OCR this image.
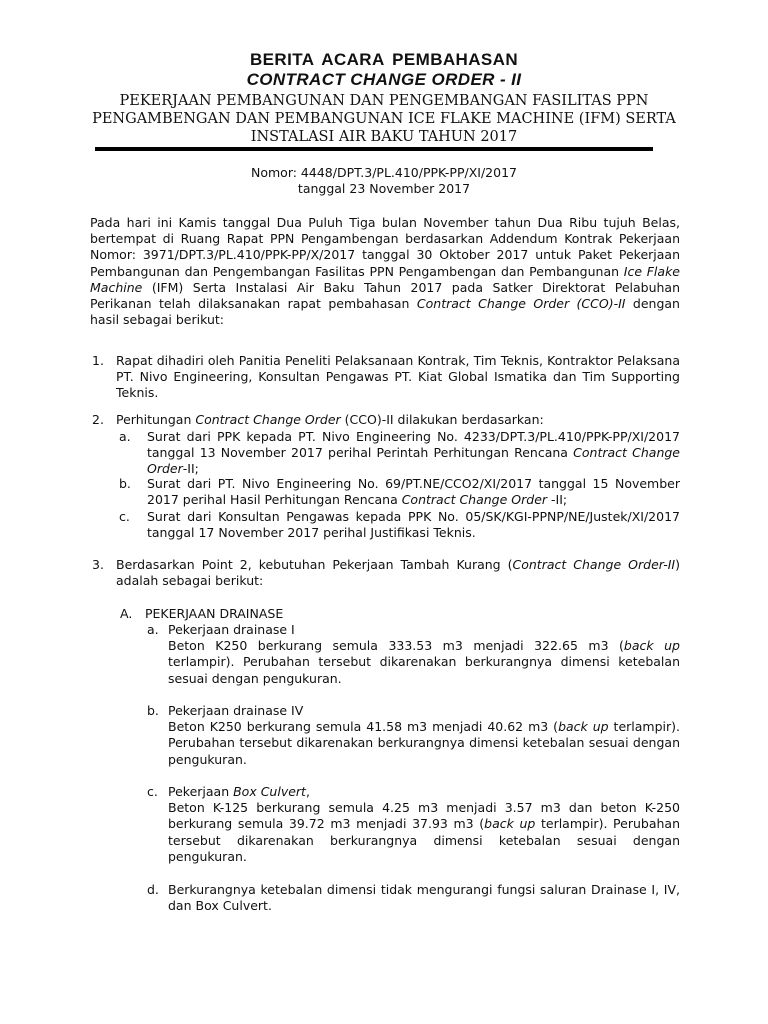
BERITA ACARA PEMBAHASAN
CONTRACT CHANGE ORDER - II
PEKERJAAN PEMBANGUNAN DAN PENGEMBANGAN FASILITAS PPN
PENGAMBENGAN DAN PEMBANGUNAN ICE FLAKE MACHINE (IFM) SERTA
INSTALASI AIR BAKU TAHUN 2017
Nomor: 4448/DPT.3/PL.410/PPK-PP/XI/2017
tanggal 23 November 2017
Pada hari ini Kamis tanggal Dua Puluh Tiga bulan November tahun Dua Ribu tujuh Belas, bertempat di Ruang Rapat PPN Pengambengan berdasarkan Addendum Kontrak Pekerjaan Nomor: 3971/DPT.3/PL.410/PPK-PP/X/2017 tanggal 30 Oktober 2017 untuk Paket Pekerjaan Pembangunan dan Pengembangan Fasilitas PPN Pengambengan dan Pembangunan Ice Flake Machine (IFM) Serta Instalasi Air Baku Tahun 2017 pada Satker Direktorat Pelabuhan Perikanan telah dilaksanakan rapat pembahasan Contract Change Order (CCO)-II dengan hasil sebagai berikut:
1. Rapat dihadiri oleh Panitia Peneliti Pelaksanaan Kontrak, Tim Teknis, Kontraktor Pelaksana PT. Nivo Engineering, Konsultan Pengawas PT. Kiat Global Ismatika dan Tim Supporting Teknis.
2. Perhitungan Contract Change Order (CCO)-II dilakukan berdasarkan:
a. Surat dari PPK kepada PT. Nivo Engineering No. 4233/DPT.3/PL.410/PPK-PP/XI/2017 tanggal 13 November 2017 perihal Perintah Perhitungan Rencana Contract Change Order-II;
b. Surat dari PT. Nivo Engineering No. 69/PT.NE/CCO2/XI/2017 tanggal 15 November 2017 perihal Hasil Perhitungan Rencana Contract Change Order -II;
c. Surat dari Konsultan Pengawas kepada PPK No. 05/SK/KGI-PPNP/NE/Justek/XI/2017 tanggal 17 November 2017 perihal Justifikasi Teknis.
3. Berdasarkan Point 2, kebutuhan Pekerjaan Tambah Kurang (Contract Change Order-II) adalah sebagai berikut:
A. PEKERJAAN DRAINASE
a. Pekerjaan drainase I
Beton K250 berkurang semula 333.53 m3 menjadi 322.65 m3 (back up terlampir). Perubahan tersebut dikarenakan berkurangnya dimensi ketebalan sesuai dengan pengukuran.
b. Pekerjaan drainase IV
Beton K250 berkurang semula 41.58 m3 menjadi 40.62 m3 (back up terlampir). Perubahan tersebut dikarenakan berkurangnya dimensi ketebalan sesuai dengan pengukuran.
c. Pekerjaan Box Culvert,
Beton K-125 berkurang semula 4.25 m3 menjadi 3.57 m3 dan beton K-250 berkurang semula 39.72 m3 menjadi 37.93 m3 (back up terlampir). Perubahan tersebut dikarenakan berkurangnya dimensi ketebalan sesuai dengan pengukuran.
d. Berkurangnya ketebalan dimensi tidak mengurangi fungsi saluran Drainase I, IV, dan Box Culvert.
